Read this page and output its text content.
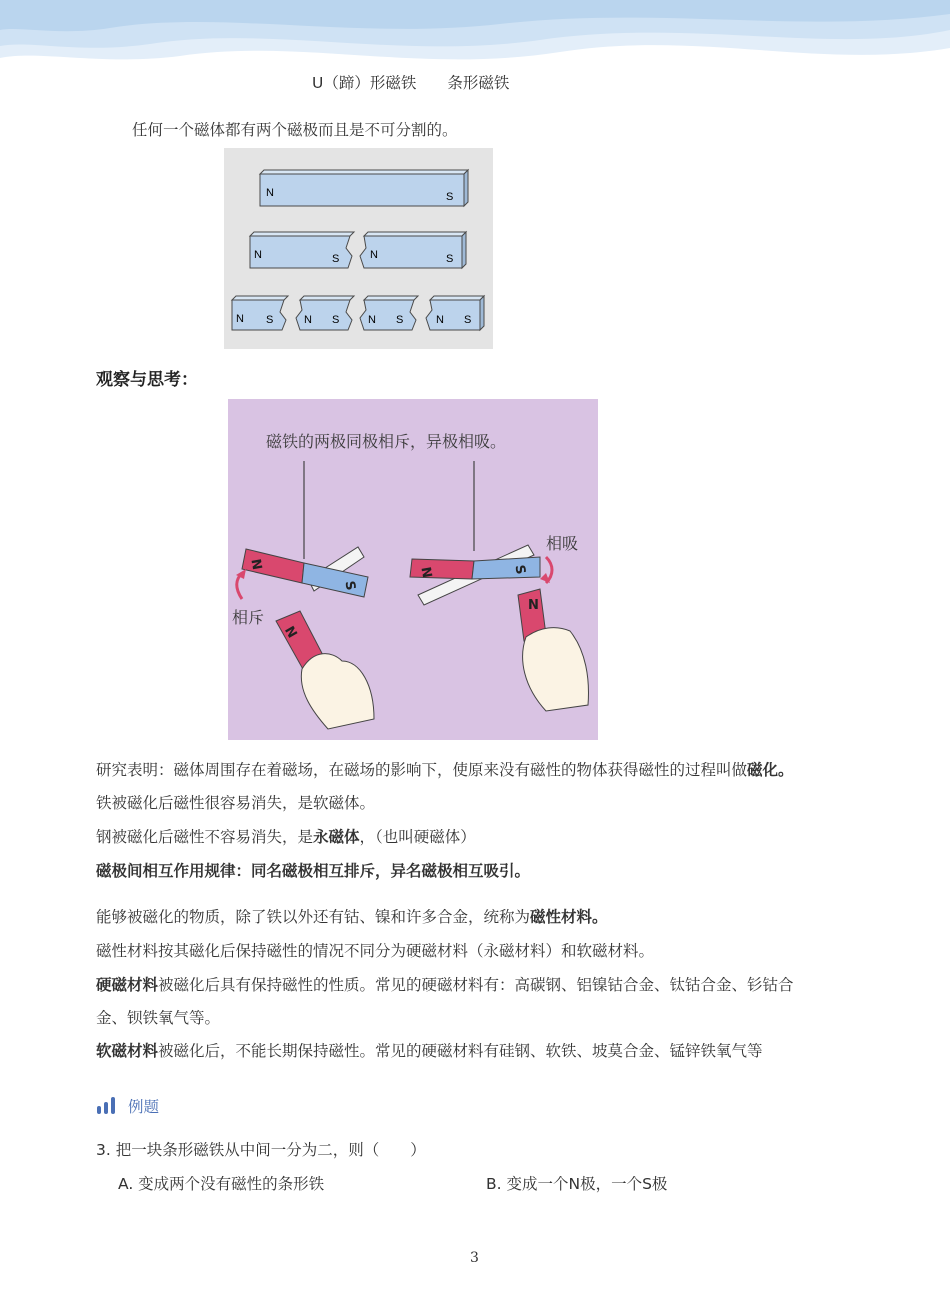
U（蹄）形磁铁　　条形磁铁
任何一个磁体都有两个磁极而且是不可分割的。
N	S
N	S	N	S
N S	N S	N S	N S
观察与思考：
磁铁的两极同极相斥，异极相吸。
N
S
N	S
相斥
相吸
N
N
研究表明：磁体周围存在着磁场，在磁场的影响下，使原来没有磁性的物体获得磁性的过程叫做磁化。
铁被磁化后磁性很容易消失，是软磁体。
钢被磁化后磁性不容易消失，是永磁体，（也叫硬磁体）
磁极间相互作用规律：同名磁极相互排斥，异名磁极相互吸引。
能够被磁化的物质，除了铁以外还有钴、镍和许多合金，统称为磁性材料。
磁性材料按其磁化后保持磁性的情况不同分为硬磁材料（永磁材料）和软磁材料。
硬磁材料被磁化后具有保持磁性的性质。常见的硬磁材料有：高碳钢、铝镍钴合金、钛钴合金、钐钴合
金、钡铁氧气等。
软磁材料被磁化后，不能长期保持磁性。常见的硬磁材料有硅钢、软铁、坡莫合金、锰锌铁氧气等
例题
3. 把一块条形磁铁从中间一分为二，则（　　）
A. 变成两个没有磁性的条形铁	B. 变成一个N极，一个S极
3
